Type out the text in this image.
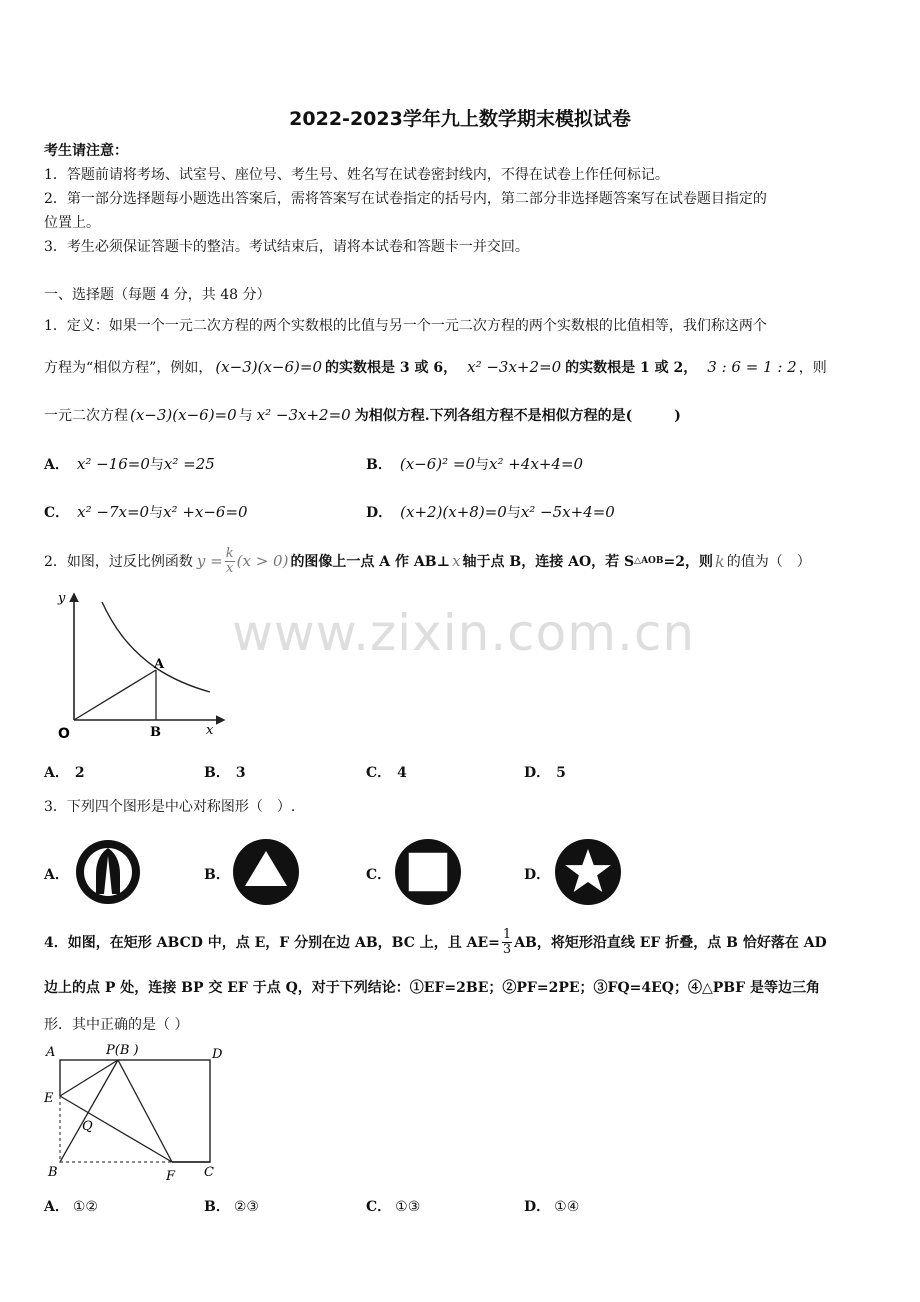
2022-2023学年九上数学期末模拟试卷
考生请注意：
1．答题前请将考场、试室号、座位号、考生号、姓名写在试卷密封线内，不得在试卷上作任何标记。
2．第一部分选择题每小题选出答案后，需将答案写在试卷指定的括号内，第二部分非选择题答案写在试卷题目指定的
位置上。
3．考生必须保证答题卡的整洁。考试结束后，请将本试卷和答题卡一并交回。
一、选择题（每题 4 分，共 48 分）
1．定义：如果一个一元二次方程的两个实数根的比值与另一个一元二次方程的两个实数根的比值相等，我们称这两个
方程为“相似方程”，例如， (x−3)(x−6)=0 的实数根是 3 或 6， x² −3x+2=0 的实数根是 1 或 2， 3 : 6 = 1 : 2 ，则
一元二次方程 (x−3)(x−6)=0 与 x² −3x+2=0 为相似方程.下列各组方程不是相似方程的是(　　　)
A． x² −16=0与x² =25	B． (x−6)² =0与x² +4x+4=0
C． x² −7x=0与x² +x−6=0	D． (x+2)(x+8)=0与x² −5x+4=0
2．如图，过反比例函数 $y = \frac{k}{x} (x > 0)$ 的图像上一点 A 作 AB⊥ x 轴于点 B，连接 AO，若 S △AOB =2，则 k 的值为（　）
y
x
O
A
B
A． 2	B． 3	C． 4	D． 5
3．下列四个图形是中心对称图形（　）.
A．	B．	C．	D．
4．如图，在矩形 ABCD 中，点 E，F 分别在边 AB，BC 上，且 $AE= \frac{1}{3}$ AB，将矩形沿直线 EF 折叠，点 B 恰好落在 AD
边上的点 P 处，连接 BP 交 EF 于点 Q，对于下列结论：①EF=2BE；②PF=2PE；③FQ=4EQ；④△PBF 是等边三角
形．其中正确的是（ ）
A	P(B )	D
E
Q
B	F C
A． ①②	B． ②③	C． ①③	D． ①④
www.zixin.com.cn
